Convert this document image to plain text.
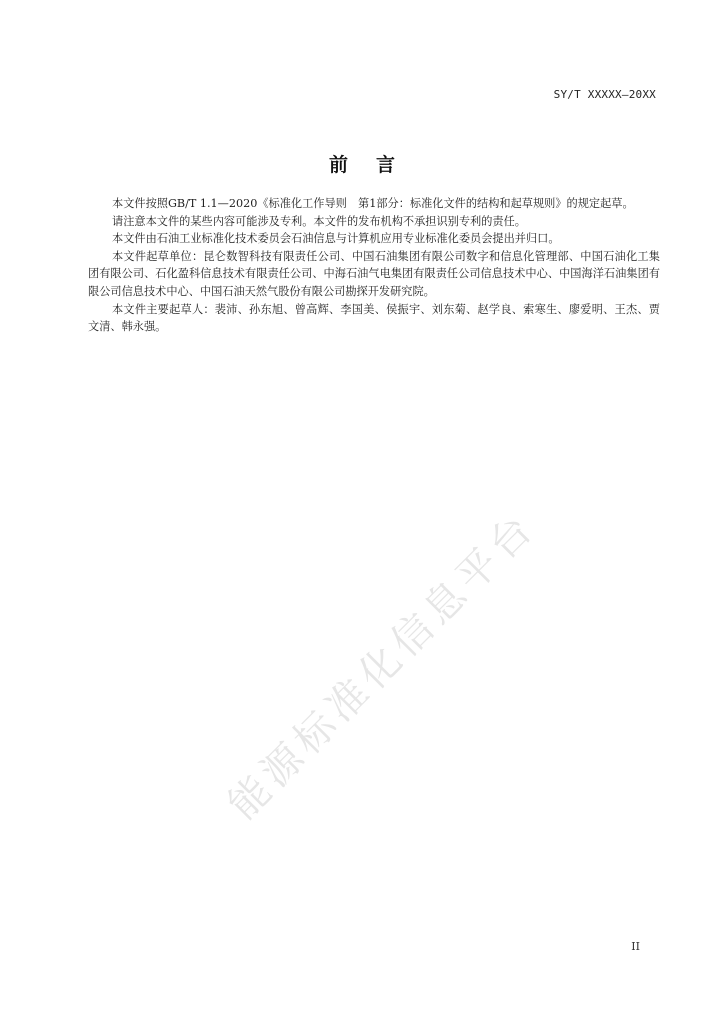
SY/T XXXXX—20XX
前言

本文件按照GB/T 1.1—2020《标准化工作导则　第1部分：标准化文件的结构和起草规则》的规定起草。

请注意本文件的某些内容可能涉及专利。本文件的发布机构不承担识别专利的责任。

本文件由石油工业标准化技术委员会石油信息与计算机应用专业标准化委员会提出并归口。

本文件起草单位：昆仑数智科技有限责任公司、中国石油集团有限公司数字和信息化管理部、中国石油化工集团有限公司、石化盈科信息技术有限责任公司、中海石油气电集团有限责任公司信息技术中心、中国海洋石油集团有限公司信息技术中心、中国石油天然气股份有限公司勘探开发研究院。

本文件主要起草人：裴沛、孙东旭、曾高辉、李国美、侯振宇、刘东菊、赵学良、索寒生、廖爱明、王杰、贾文清、韩永强。

能源标准化信息平台
II
